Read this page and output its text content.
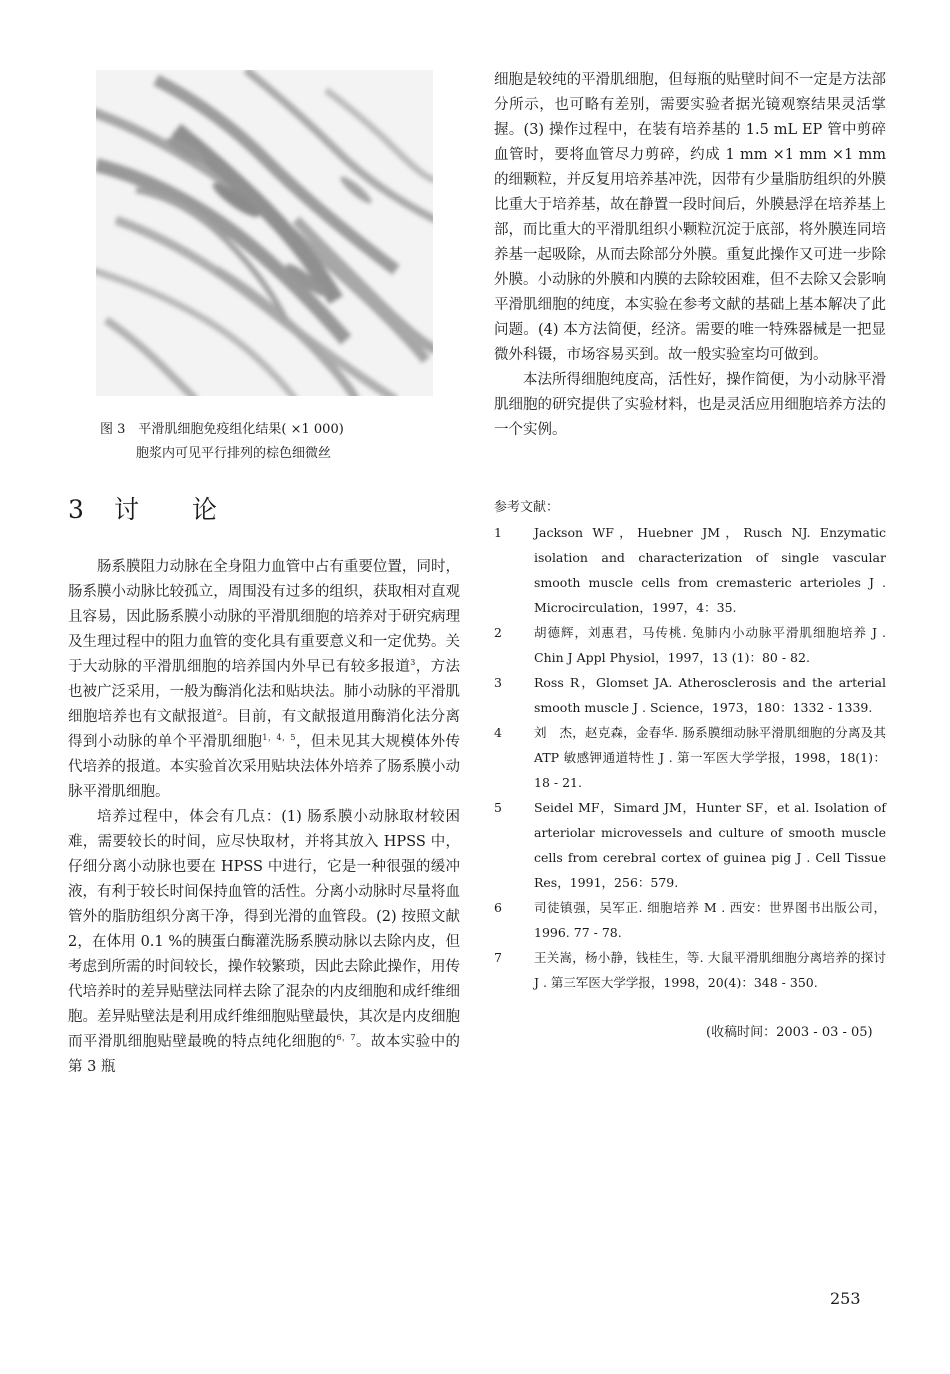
图 3　平滑肌细胞免疫组化结果( ×1 000)
胞浆内可见平行排列的棕色细微丝
3 讨 论

肠系膜阻力动脉在全身阻力血管中占有重要位置，同时，肠系膜小动脉比较孤立，周围没有过多的组织，获取相对直观且容易，因此肠系膜小动脉的平滑肌细胞的培养对于研究病理及生理过程中的阻力血管的变化具有重要意义和一定优势。关于大动脉的平滑肌细胞的培养国内外早已有较多报道$^3$，方法也被广泛采用，一般为酶消化法和贴块法。肺小动脉的平滑肌细胞培养也有文献报道$^2$。目前，有文献报道用酶消化法分离得到小动脉的单个平滑肌细胞$^{1,4,5}$，但未见其大规模体外传代培养的报道。本实验首次采用贴块法体外培养了肠系膜小动脉平滑肌细胞。

培养过程中，体会有几点：(1) 肠系膜小动脉取材较困难，需要较长的时间，应尽快取材，并将其放入 HPSS 中，仔细分离小动脉也要在 HPSS 中进行，它是一种很强的缓冲液，有利于较长时间保持血管的活性。分离小动脉时尽量将血管外的脂肪组织分离干净，得到光滑的血管段。(2) 按照文献 2，在体用 0.1 %的胰蛋白酶灌洗肠系膜动脉以去除内皮，但考虑到所需的时间较长，操作较繁琐，因此去除此操作，用传代培养时的差异贴壁法同样去除了混杂的内皮细胞和成纤维细胞。差异贴壁法是利用成纤维细胞贴壁最快，其次是内皮细胞而平滑肌细胞贴壁最晚的特点纯化细胞的$^{6,7}$。故本实验中的第 3 瓶

细胞是较纯的平滑肌细胞，但每瓶的贴壁时间不一定是方法部分所示，也可略有差别，需要实验者据光镜观察结果灵活掌握。(3) 操作过程中，在装有培养基的 1.5 mL EP 管中剪碎血管时，要将血管尽力剪碎，约成 1 mm ×1 mm ×1 mm 的细颗粒，并反复用培养基冲洗，因带有少量脂肪组织的外膜比重大于培养基，故在静置一段时间后，外膜悬浮在培养基上部，而比重大的平滑肌组织小颗粒沉淀于底部，将外膜连同培养基一起吸除，从而去除部分外膜。重复此操作又可进一步除外膜。小动脉的外膜和内膜的去除较困难，但不去除又会影响平滑肌细胞的纯度，本实验在参考文献的基础上基本解决了此问题。(4) 本方法简便，经济。需要的唯一特殊器械是一把显微外科镊，市场容易买到。故一般实验室均可做到。

本法所得细胞纯度高，活性好，操作简便，为小动脉平滑肌细胞的研究提供了实验材料，也是灵活应用细胞培养方法的一个实例。

参考文献：
1	Jackson WF，Huebner JM，Rusch NJ. Enzymatic isolation and characterization of single vascular smooth muscle cells from cremasteric arterioles J . Microcirculation，1997，4：35.
2	胡德辉，刘惠君，马传桃. 兔肺内小动脉平滑肌细胞培养 J . Chin J Appl Physiol，1997，13 (1)：80 - 82.
3	Ross R，Glomset JA. Atherosclerosis and the arterial smooth muscle J . Science，1973，180：1332 - 1339.
4	刘　杰，赵克森，金春华. 肠系膜细动脉平滑肌细胞的分离及其 ATP 敏感钾通道特性 J . 第一军医大学学报，1998，18(1)：18 - 21.
5	Seidel MF，Simard JM，Hunter SF，et al. Isolation of arteriolar microvessels and culture of smooth muscle cells from cerebral cortex of guinea pig J . Cell Tissue Res，1991，256：579.
6	司徒镇强，吴军正. 细胞培养 M . 西安：世界图书出版公司，1996. 77 - 78.
7	王关嵩，杨小静，钱桂生，等. 大鼠平滑肌细胞分离培养的探讨 J . 第三军医大学学报，1998，20(4)：348 - 350.
(收稿时间：2003 - 03 - 05)
253
